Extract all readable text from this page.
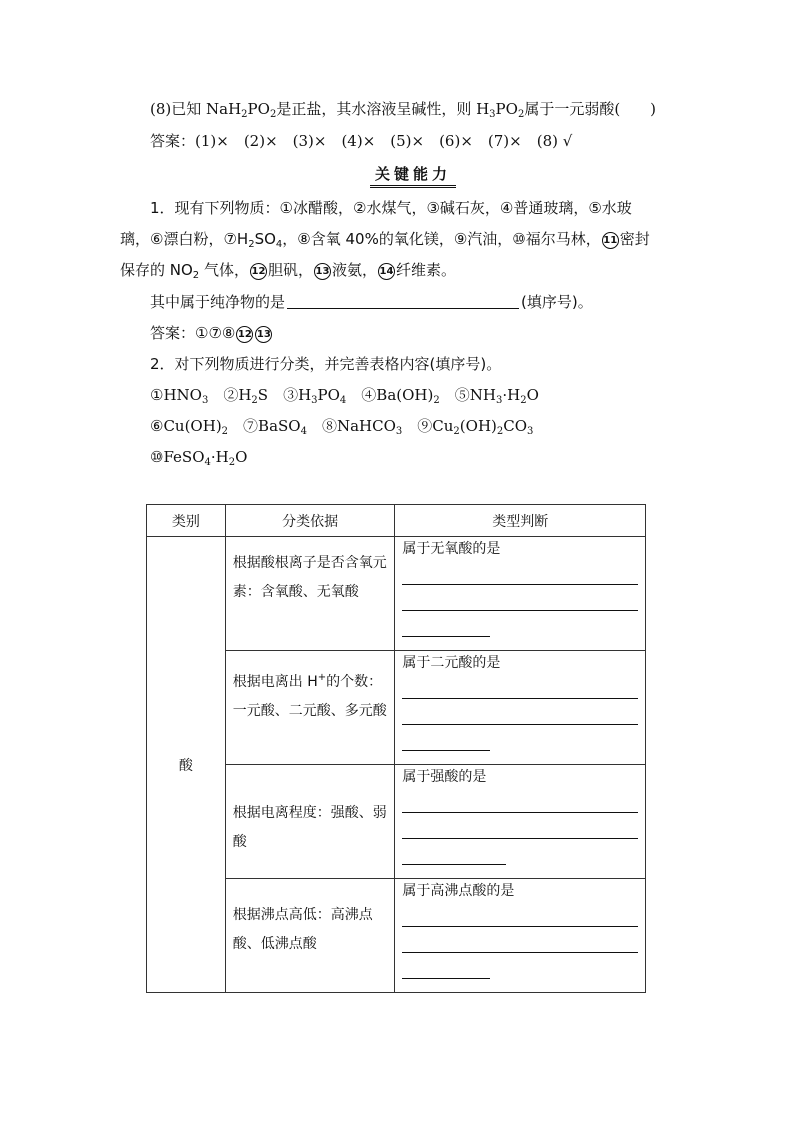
(8)已知 $NaH_2PO_2$是正盐，其水溶液呈碱性，则 $H_3PO_2$属于一元弱酸(　　)
答案：(1)×　(2)×　(3)×　(4)×　(5)×　(6)×　(7)×　(8) √
关键能力
1．现有下列物质：①冰醋酸，②水煤气，③碱石灰，④普通玻璃，⑤水玻
璃，⑥漂白粉，$⑦H_2SO_4$，⑧含氧 40%的氧化镁，⑨汽油，⑩福尔马林， 11 密封
保存的 $NO_2$ 气体， 12 胆矾， 13 液氨， 14 纤维素。
其中属于纯净物的是	(填序号)。
答案：①⑦⑧ 12 13
2．对下列物质进行分类，并完善表格内容(填序号)。
$①HNO_3$　$②H_2S$　$③H_3PO_4$　$④Ba(OH)_2$　$⑤NH_3\cdot H_2O$
$⑥Cu(OH)_2$　⑦BaSO$_4$　⑧NaHCO$_3$　$⑨Cu_2(OH)_2CO_3$
$⑩FeSO_4\cdot H_2O$
类别	分类依据	类型判断
酸	根据酸根离子是否含氧元素：含氧酸、无氧酸	属于无氧酸的是

	根据电离出 H+的个数：一元酸、二元酸、多元酸	属于二元酸的是

	根据电离程度：强酸、弱酸	属于强酸的是

	根据沸点高低：高沸点酸、低沸点酸	属于高沸点酸的是
